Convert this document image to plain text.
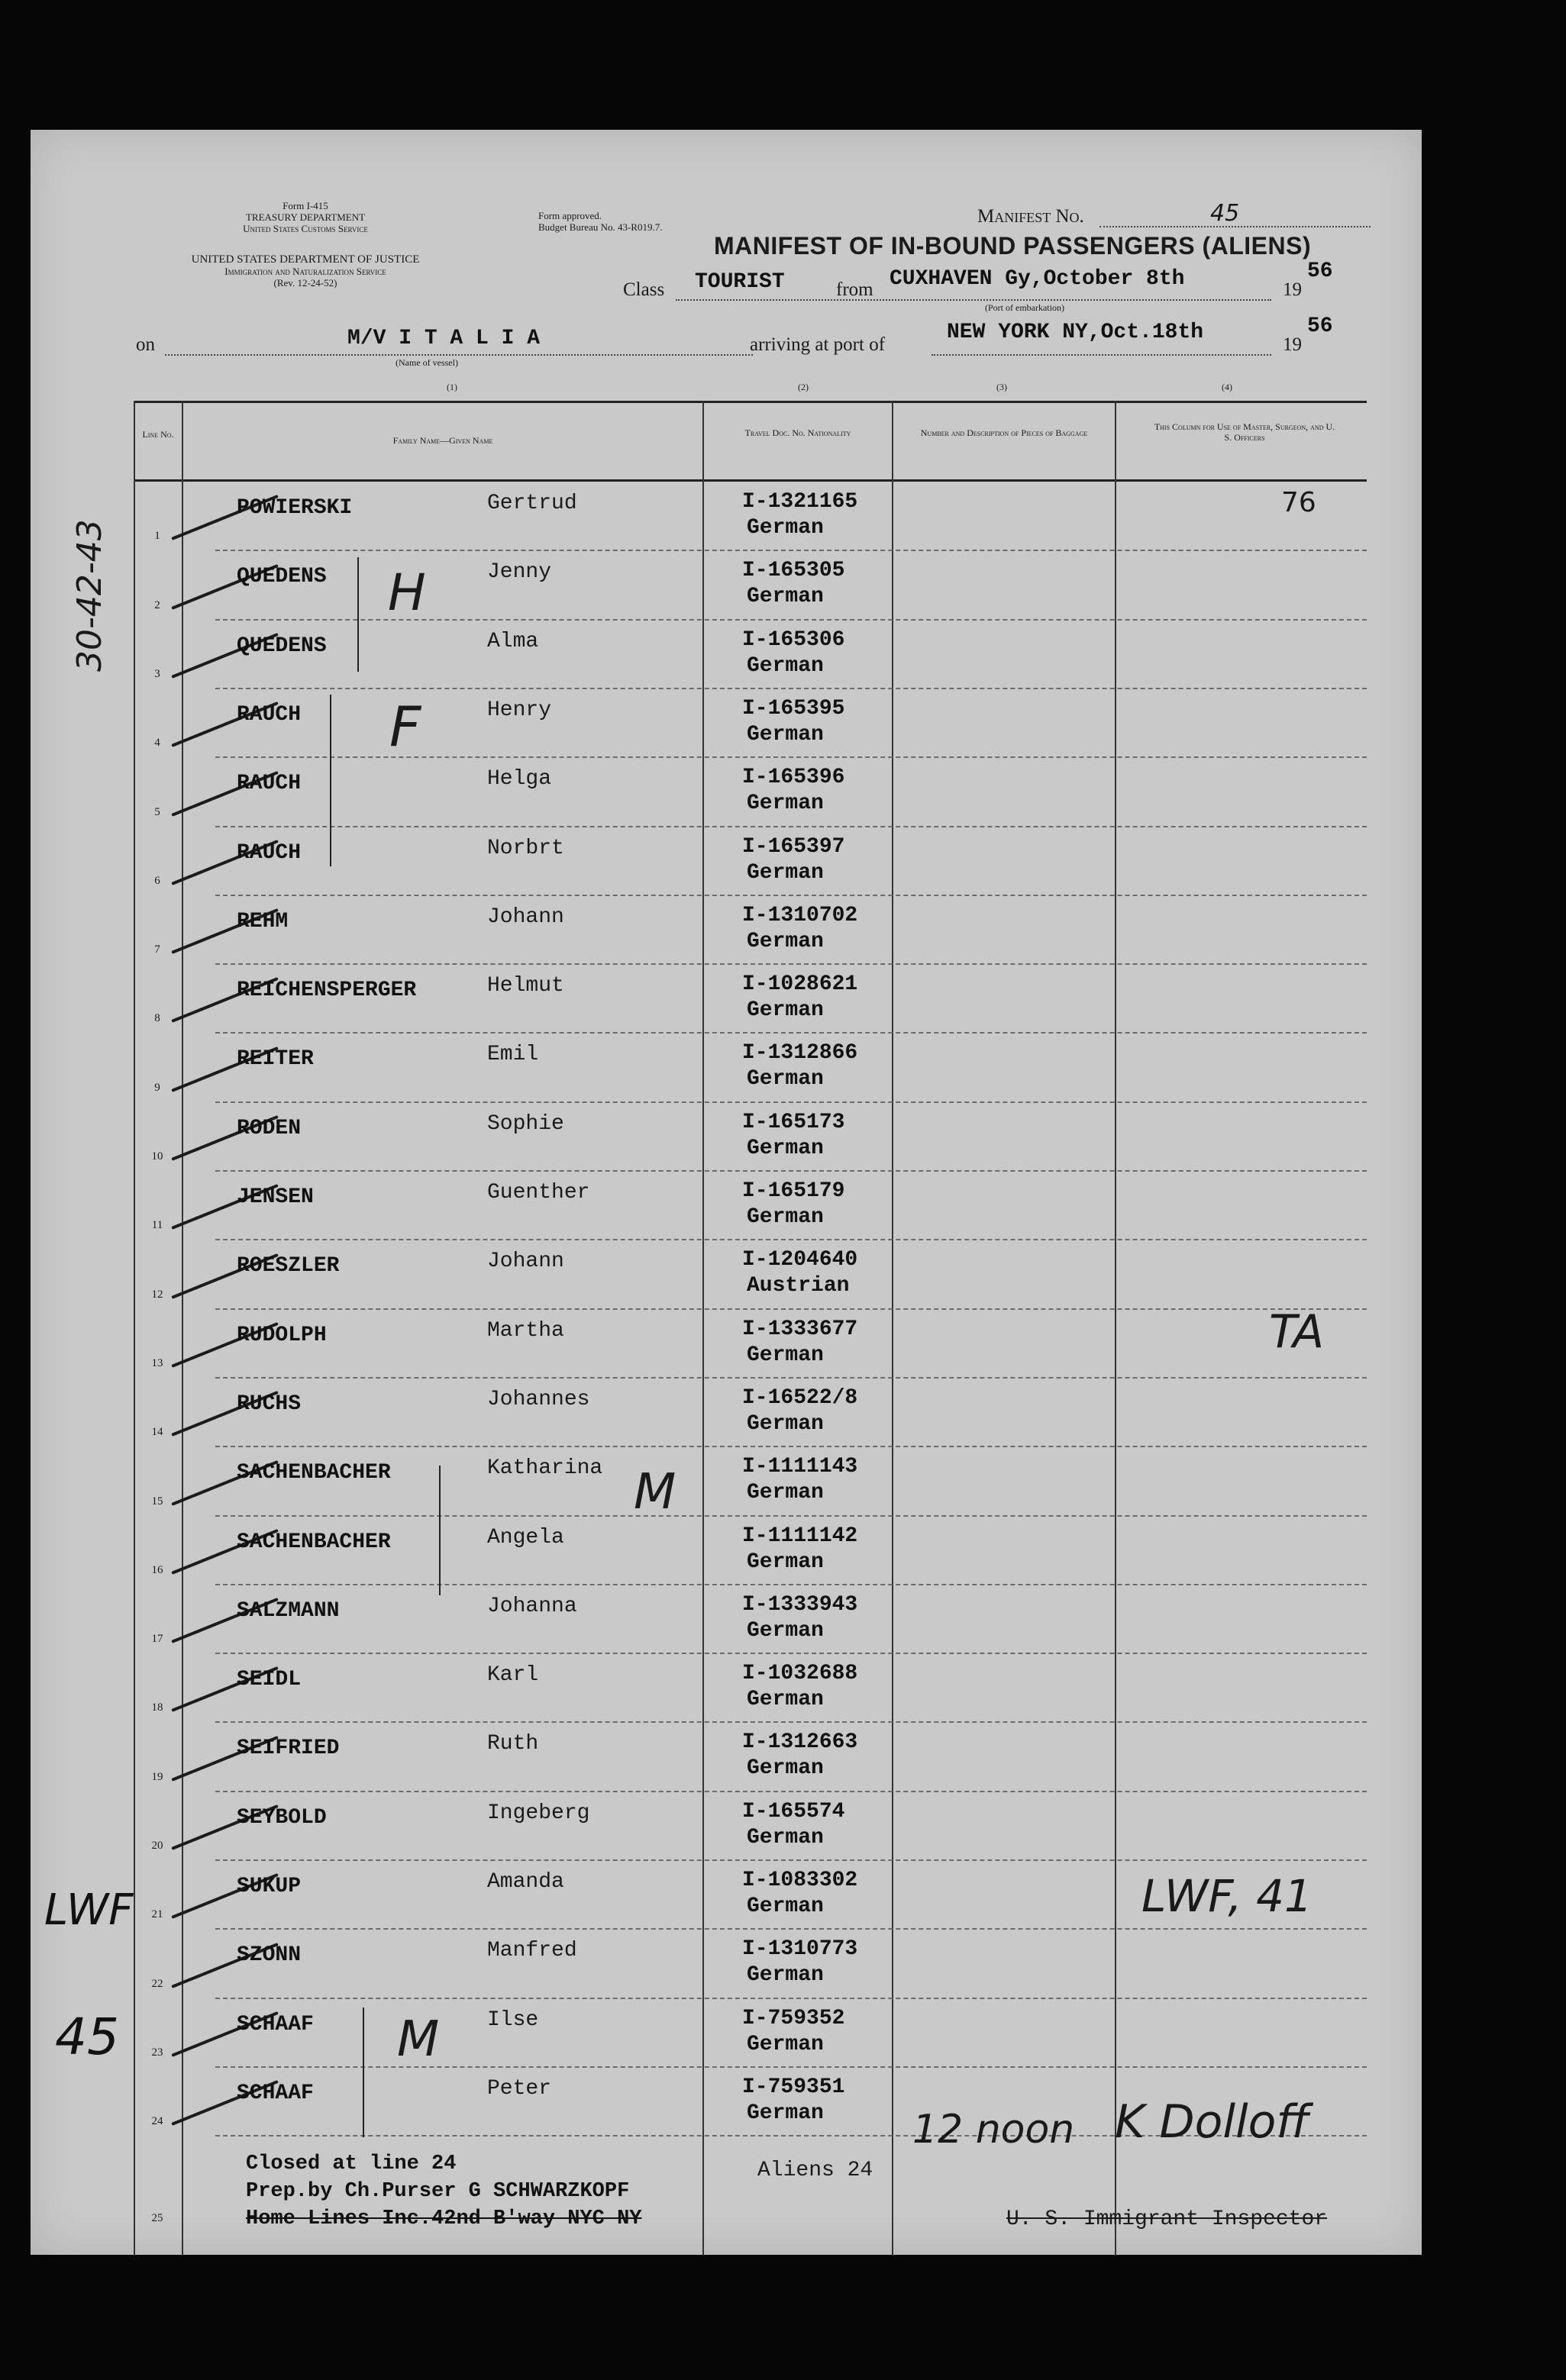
Form I-415
TREASURY DEPARTMENT
United States Customs Service
UNITED STATES DEPARTMENT OF JUSTICE
Immigration and Naturalization Service
(Rev. 12-24-52)
Form approved.
Budget Bureau No. 43-R019.7.
Manifest No.	45
MANIFEST OF IN-BOUND PASSENGERS (ALIENS)
Class TOURIST	from CUXHAVEN Gy,October 8th	19
56
(Port of embarkation)
on	M/V I T A L I A
(Name of vessel)
arriving at port of
NEW YORK NY,Oct.18th
19
56
(1)	(2)	(3)	(4)
Line No.
Family Name—Given Name
Travel Doc. No. Nationality	Number and Description of Pieces of Baggage
This Column for Use of Master, Surgeon, and U. S. Officers
1
POWIERSKI	Gertrud	I-1321165
German
2
QUEDENS	Jenny	I-165305
German
3
QUEDENS	Alma	I-165306
German
4
RAUCH	Henry	I-165395
German
5
RAUCH	Helga	I-165396
German
6
RAUCH	Norbrt	I-165397
German
7
REHM	Johann	I-1310702
German
8
REICHENSPERGER	Helmut	I-1028621
German
9
REITER	Emil	I-1312866
German
10
RODEN	Sophie	I-165173
German
11
JENSEN	Guenther	I-165179
German
12
ROESZLER	Johann	I-1204640
Austrian
13
RUDOLPH	Martha	I-1333677
German
14
RUCHS	Johannes	I-16522/8
German
15
SACHENBACHER	Katharina	I-1111143
German
16
SACHENBACHER	Angela	I-1111142
German
17
SALZMANN	Johanna	I-1333943
German
18
SEIDL	Karl	I-1032688
German
19
SEIFRIED	Ruth	I-1312663
German
20
SEYBOLD	Ingeberg	I-165574
German
21
SUKUP	Amanda	I-1083302
German
22
SZONN	Manfred	I-1310773
German
23
SCHAAF	Ilse	I-759352
German
24
SCHAAF	Peter	I-759351
German
25
Closed at line 24
Prep.by Ch.Purser G SCHWARZKOPF
Home Lines Inc.42nd B'way NYC NY
Aliens 24
U. S. Immigrant Inspector
76
H
F
TA
M
M
LWF, 41
12 noon K Dolloff
30-42-43
LWF
45
